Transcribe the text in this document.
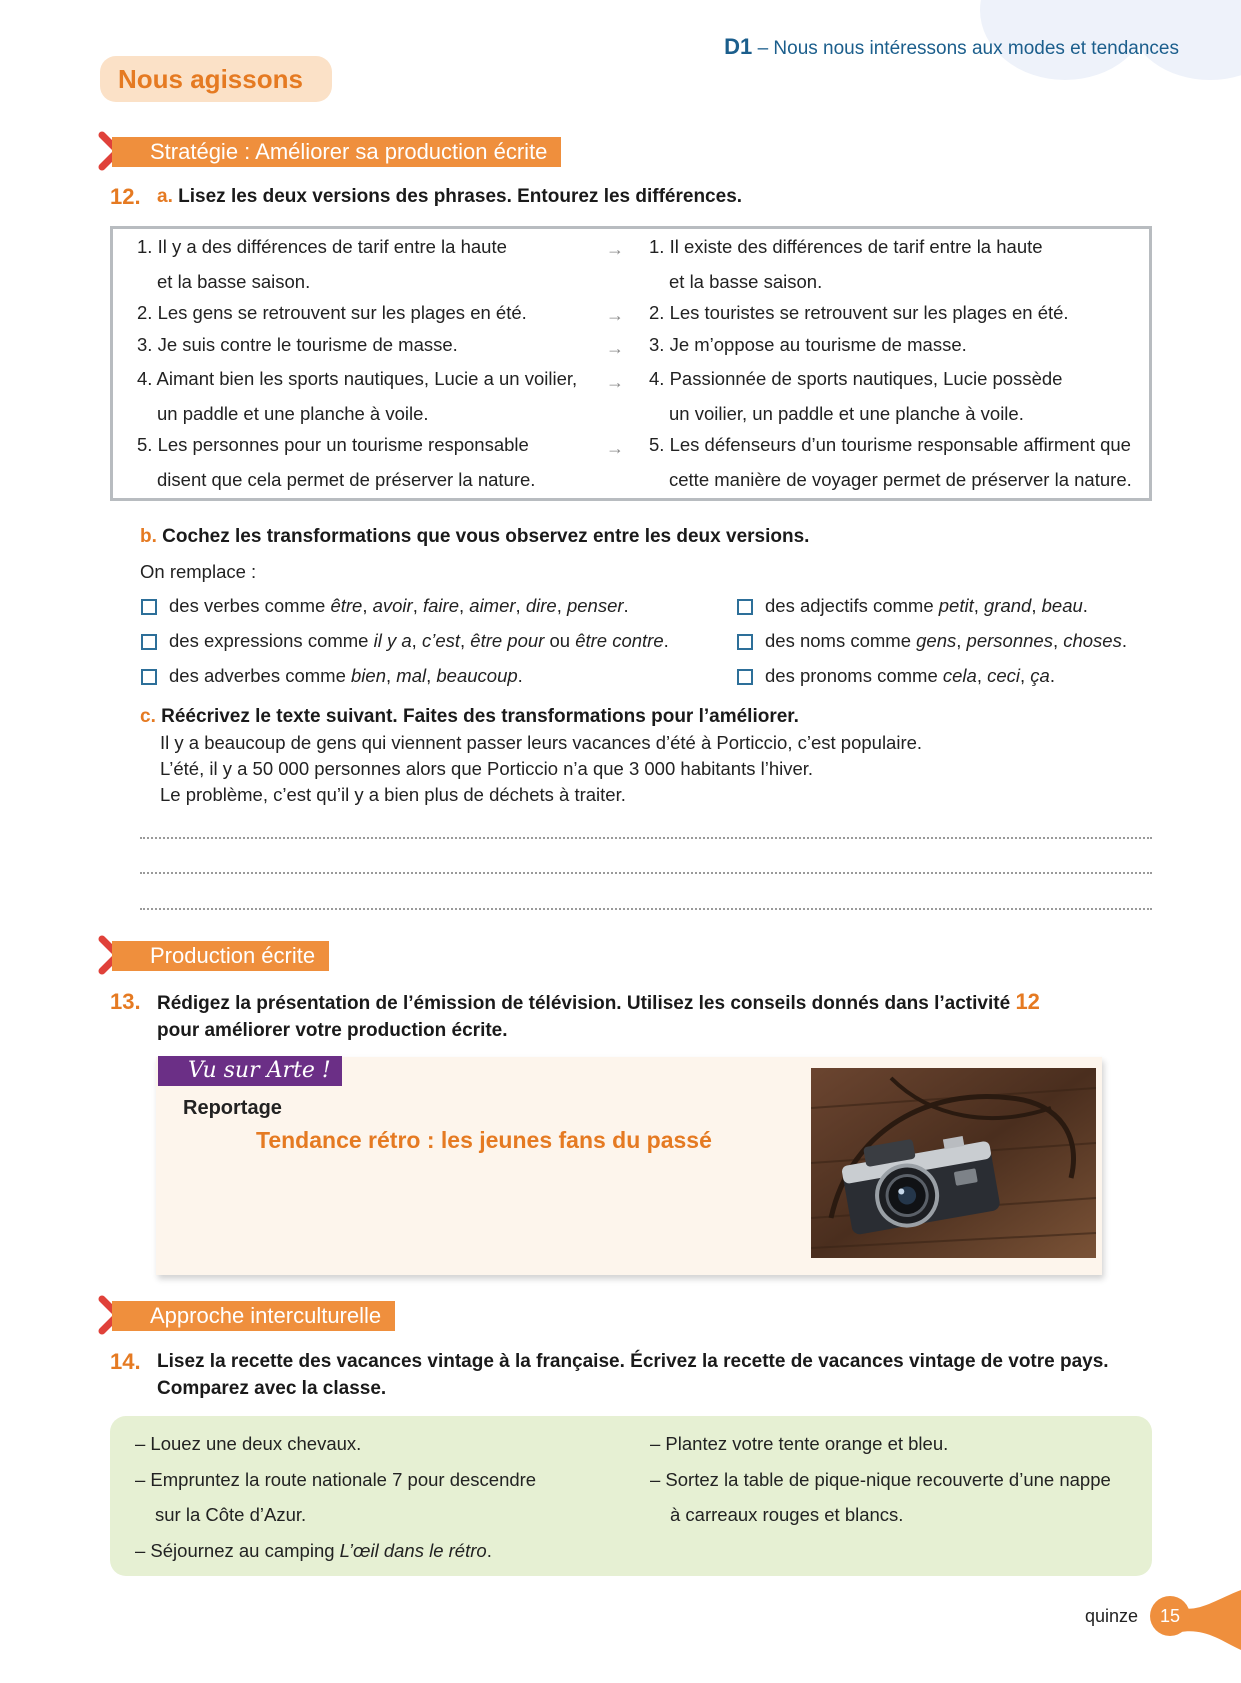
D1 – Nous nous intéressons aux modes et tendances
Nous agissons
Stratégie : Améliorer sa production écrite
12. a. Lisez les deux versions des phrases. Entourez les différences.
1. Il y a des différences de tarif entre la haute
et la basse saison.
2. Les gens se retrouvent sur les plages en été.
3. Je suis contre le tourisme de masse.
4. Aimant bien les sports nautiques, Lucie a un voilier,
un paddle et une planche à voile.
5. Les personnes pour un tourisme responsable
disent que cela permet de préserver la nature.
→
→
→
→
→
1. Il existe des différences de tarif entre la haute
et la basse saison.
2. Les touristes se retrouvent sur les plages en été.
3. Je m’oppose au tourisme de masse.
4. Passionnée de sports nautiques, Lucie possède
un voilier, un paddle et une planche à voile.
5. Les défenseurs d’un tourisme responsable affirment que
cette manière de voyager permet de préserver la nature.
b. Cochez les transformations que vous observez entre les deux versions.
On remplace :
des verbes comme être, avoir, faire, aimer, dire, penser.
des expressions comme il y a, c’est, être pour ou être contre.
des adverbes comme bien, mal, beaucoup.
des adjectifs comme petit, grand, beau.
des noms comme gens, personnes, choses.
des pronoms comme cela, ceci, ça.
c. Réécrivez le texte suivant. Faites des transformations pour l’améliorer.
Il y a beaucoup de gens qui viennent passer leurs vacances d’été à Porticcio, c’est populaire.
L’été, il y a 50 000 personnes alors que Porticcio n’a que 3 000 habitants l’hiver.
Le problème, c’est qu’il y a bien plus de déchets à traiter.
Production écrite
13. Rédigez la présentation de l’émission de télévision. Utilisez les conseils donnés dans l’activité 12
pour améliorer votre production écrite.
Vu sur Arte !
Reportage
Tendance rétro : les jeunes fans du passé
Approche interculturelle
14. Lisez la recette des vacances vintage à la française. Écrivez la recette de vacances vintage de votre pays.
Comparez avec la classe.
– Louez une deux chevaux.
– Empruntez la route nationale 7 pour descendre
sur la Côte d’Azur.
– Séjournez au camping L’œil dans le rétro.
– Plantez votre tente orange et bleu.
– Sortez la table de pique-nique recouverte d’une nappe
à carreaux rouges et blancs.
quinze	15
